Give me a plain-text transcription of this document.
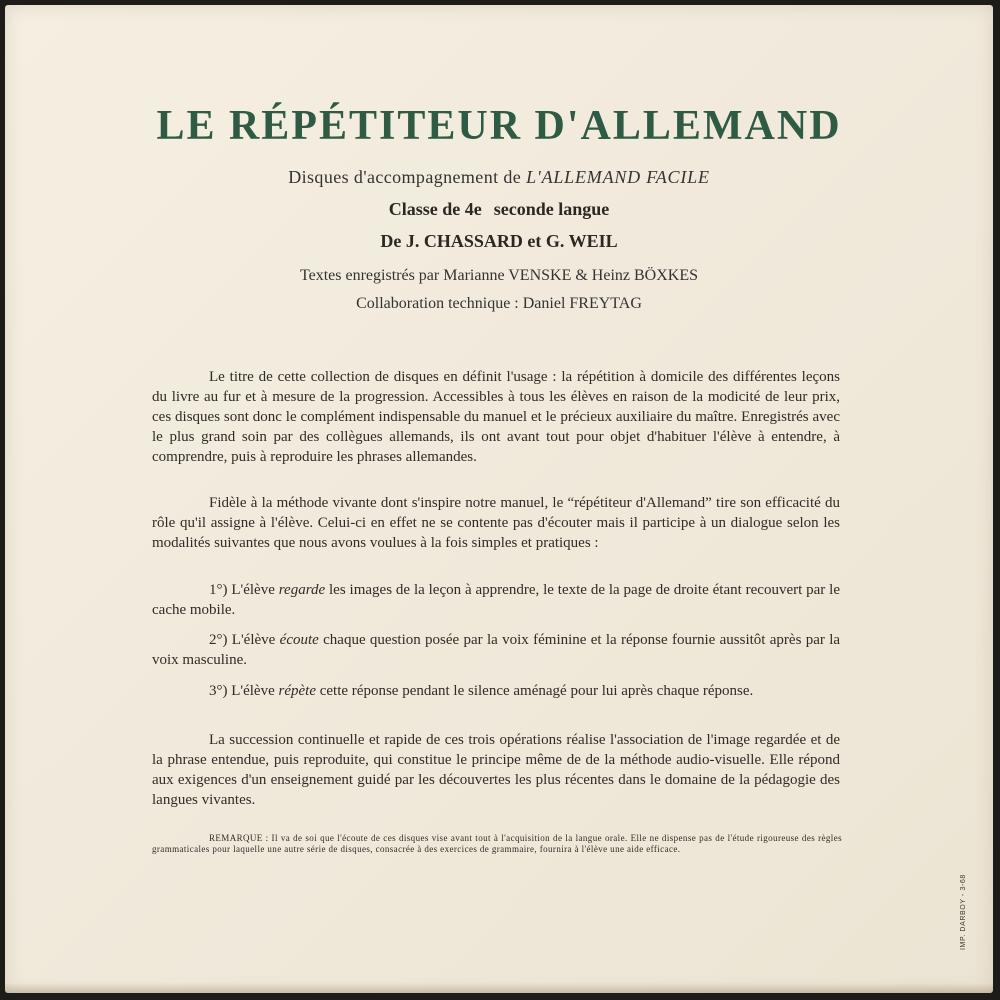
LE RÉPÉTITEUR D'ALLEMAND

Disques d'accompagnement de L'ALLEMAND FACILE

Classe de 4e seconde langue

De J. CHASSARD et G. WEIL

Textes enregistrés par Marianne VENSKE & Heinz BÖXKES

Collaboration technique : Daniel FREYTAG

Le titre de cette collection de disques en définit l'usage : la répétition à domicile des différentes leçons du livre au fur et à mesure de la progression. Accessibles à tous les élèves en raison de la modicité de leur prix, ces disques sont donc le complément indispensable du manuel et le précieux auxiliaire du maître. Enregistrés avec le plus grand soin par des collègues allemands, ils ont avant tout pour objet d'habituer l'élève à entendre, à comprendre, puis à reproduire les phrases allemandes.

Fidèle à la méthode vivante dont s'inspire notre manuel, le “répétiteur d'Allemand” tire son efficacité du rôle qu'il assigne à l'élève. Celui-ci en effet ne se contente pas d'écouter mais il participe à un dialogue selon les modalités suivantes que nous avons voulues à la fois simples et pratiques :

1°) L'élève regarde les images de la leçon à apprendre, le texte de la page de droite étant recouvert par le cache mobile.

2°) L'élève écoute chaque question posée par la voix féminine et la réponse fournie aussitôt après par la voix masculine.

3°) L'élève répète cette réponse pendant le silence aménagé pour lui après chaque réponse.

La succession continuelle et rapide de ces trois opérations réalise l'association de l'image regardée et de la phrase entendue, puis reproduite, qui constitue le principe même de de la méthode audio-visuelle. Elle répond aux exigences d'un enseignement guidé par les découvertes les plus récentes dans le domaine de la pédagogie des langues vivantes.

REMARQUE : Il va de soi que l'écoute de ces disques vise avant tout à l'acquisition de la langue orale. Elle ne dispense pas de l'étude rigoureuse des règles grammaticales pour laquelle une autre série de disques, consacrée à des exercices de grammaire, fournira à l'élève une aide efficace.

IMP. DARBOY - 3-68
